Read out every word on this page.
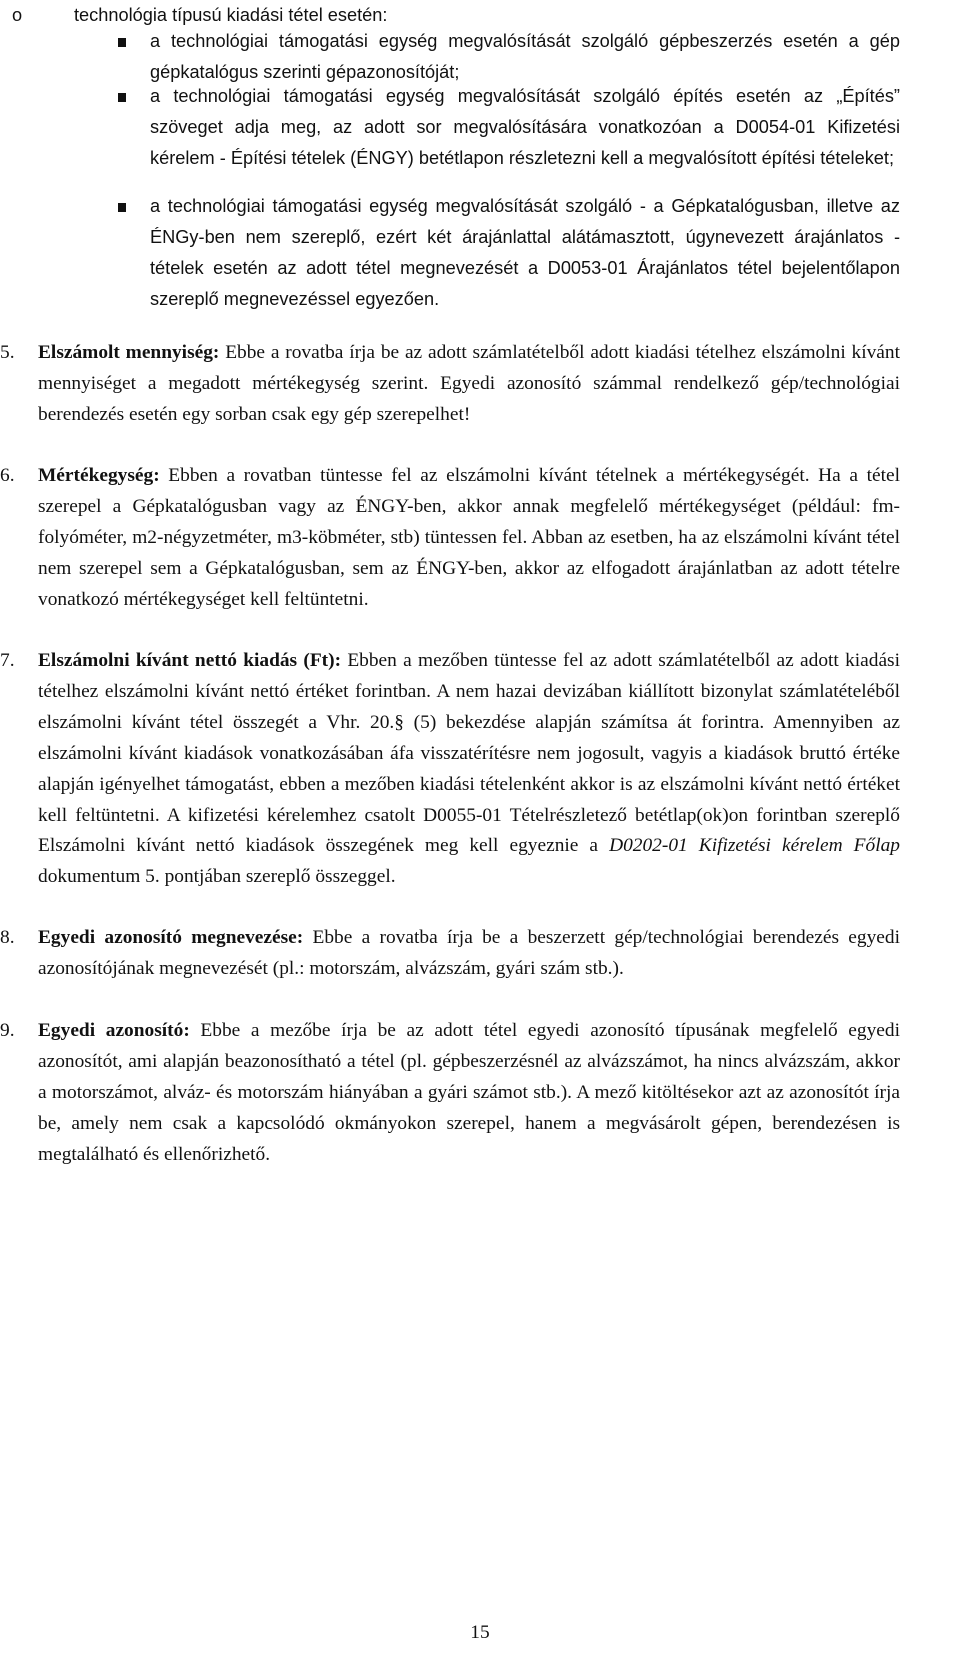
o	technológia típusú kiadási tétel esetén:
a technológiai támogatási egység megvalósítását szolgáló gépbeszerzés esetén a gép gépkatalógus szerinti gépazonosítóját;
a technológiai támogatási egység megvalósítását szolgáló építés esetén az „Építés” szöveget adja meg, az adott sor megvalósítására vonatkozóan a D0054-01 Kifizetési kérelem - Építési tételek (ÉNGY) betétlapon részletezni kell a megvalósított építési tételeket;
a technológiai támogatási egység megvalósítását szolgáló - a Gépkatalógusban, illetve az ÉNGy-ben nem szereplő, ezért két árajánlattal alátámasztott, úgynevezett árajánlatos - tételek esetén az adott tétel megnevezését a D0053-01 Árajánlatos tétel bejelentőlapon szereplő megnevezéssel egyezően.
5. Elszámolt mennyiség: Ebbe a rovatba írja be az adott számlatételből adott kiadási tételhez elszámolni kívánt mennyiséget a megadott mértékegység szerint. Egyedi azonosító számmal rendelkező gép/technológiai berendezés esetén egy sorban csak egy gép szerepelhet!
6. Mértékegység: Ebben a rovatban tüntesse fel az elszámolni kívánt tételnek a mértékegységét. Ha a tétel szerepel a Gépkatalógusban vagy az ÉNGY-ben, akkor annak megfelelő mértékegységet (például: fm-folyóméter, m2-négyzetméter, m3-köbméter, stb) tüntessen fel. Abban az esetben, ha az elszámolni kívánt tétel nem szerepel sem a Gépkatalógusban, sem az ÉNGY-ben, akkor az elfogadott árajánlatban az adott tételre vonatkozó mértékegységet kell feltüntetni.
7. Elszámolni kívánt nettó kiadás (Ft): Ebben a mezőben tüntesse fel az adott számlatételből az adott kiadási tételhez elszámolni kívánt nettó értéket forintban. A nem hazai devizában kiállított bizonylat számlatételéből elszámolni kívánt tétel összegét a Vhr. 20.§ (5) bekezdése alapján számítsa át forintra. Amennyiben az elszámolni kívánt kiadások vonatkozásában áfa visszatérítésre nem jogosult, vagyis a kiadások bruttó értéke alapján igényelhet támogatást, ebben a mezőben kiadási tételenként akkor is az elszámolni kívánt nettó értéket kell feltüntetni. A kifizetési kérelemhez csatolt D0055-01 Tételrészletező betétlap(ok)on forintban szereplő Elszámolni kívánt nettó kiadások összegének meg kell egyeznie a D0202-01 Kifizetési kérelem Főlap dokumentum 5. pontjában szereplő összeggel.
8. Egyedi azonosító megnevezése: Ebbe a rovatba írja be a beszerzett gép/technológiai berendezés egyedi azonosítójának megnevezését (pl.: motorszám, alvázszám, gyári szám stb.).
9. Egyedi azonosító: Ebbe a mezőbe írja be az adott tétel egyedi azonosító típusának megfelelő egyedi azonosítót, ami alapján beazonosítható a tétel (pl. gépbeszerzésnél az alvázszámot, ha nincs alvázszám, akkor a motorszámot, alváz- és motorszám hiányában a gyári számot stb.). A mező kitöltésekor azt az azonosítót írja be, amely nem csak a kapcsolódó okmányokon szerepel, hanem a megvásárolt gépen, berendezésen is megtalálható és ellenőrizhető.
15
